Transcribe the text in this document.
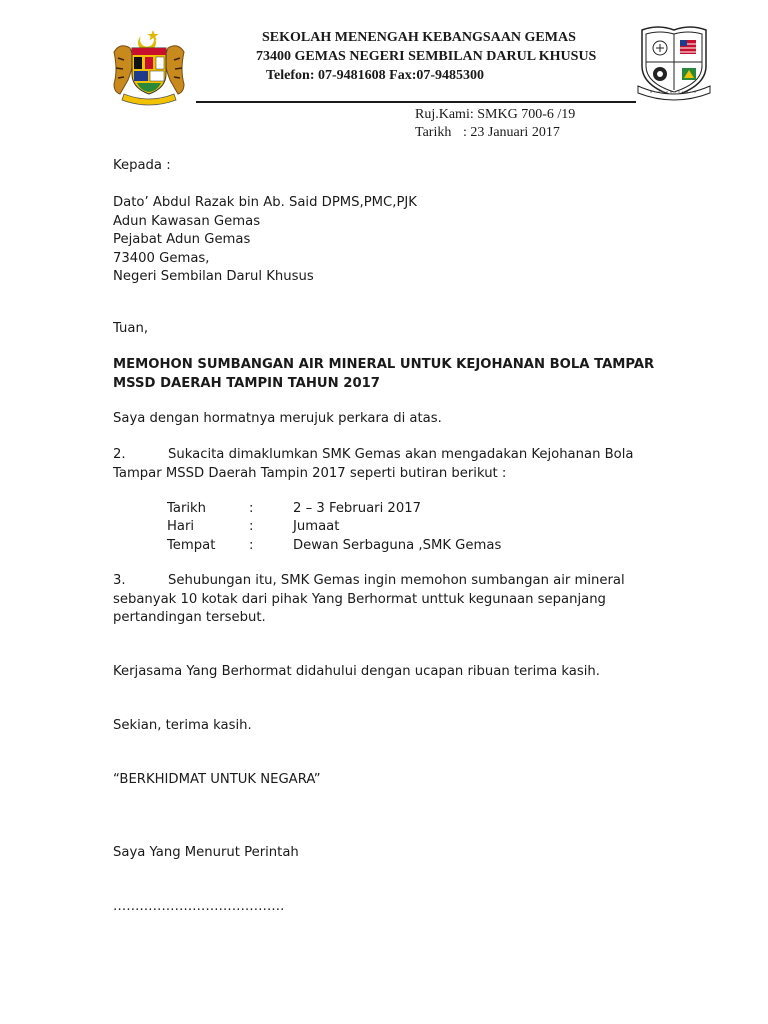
SEKOLAH MENENGAH KEBANGSAAN GEMAS
73400 GEMAS NEGERI SEMBILAN DARUL KHUSUS
Telefon: 07-9481608 Fax:07-9485300
Ruj.Kami: SMKG 700-6 /19
Tarikh : 23 Januari 2017
Kepada :
Dato’ Abdul Razak bin Ab. Said DPMS,PMC,PJK
Adun Kawasan Gemas
Pejabat Adun Gemas
73400 Gemas,
Negeri Sembilan Darul Khusus
Tuan,
MEMOHON SUMBANGAN AIR MINERAL UNTUK KEJOHANAN BOLA TAMPAR
MSSD DAERAH TAMPIN TAHUN 2017
Saya dengan hormatnya merujuk perkara di atas.
2.	Sukacita dimaklumkan SMK Gemas akan mengadakan Kejohanan Bola
Tampar MSSD Daerah Tampin 2017 seperti butiran berikut :
Tarikh	:	2 – 3 Februari 2017
Hari	:	Jumaat
Tempat	:	Dewan Serbaguna ,SMK Gemas
3.	Sehubungan itu, SMK Gemas ingin memohon sumbangan air mineral
sebanyak 10 kotak dari pihak Yang Berhormat unttuk kegunaan sepanjang
pertandingan tersebut.
Kerjasama Yang Berhormat didahului dengan ucapan ribuan terima kasih.
Sekian, terima kasih.
“BERKHIDMAT UNTUK NEGARA”
Saya Yang Menurut Perintah
…………………………………
